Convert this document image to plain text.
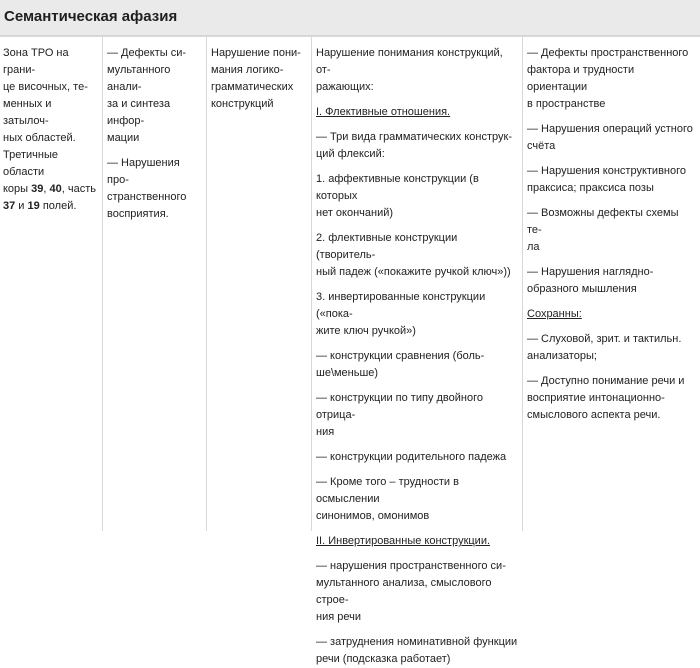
Семантическая афазия
Зона ТРО на грани-
це височных, те-
менных и затылоч-
ных областей.
Третичные области
коры 39, 40, часть
37 и 19 полей.

— Дефекты си-
мультанного анали-
за и синтеза инфор-
мации

— Нарушения про-
странственного
восприятия.

Нарушение пони-
мания логико-
грамматических
конструкций

Нарушение понимания конструкций, от-
ражающих:

I. Флективные отношения.

— Три вида грамматических конструк-
ций флексий:

1. аффективные конструкции (в которых
нет окончаний)

2. флективные конструкции (творитель-
ный падеж («покажите ручкой ключ»))

3. инвертированные конструкции («пока-
жите ключ ручкой»)

— конструкции сравнения (боль-
ше\меньше)

— конструкции по типу двойного отрица-
ния

— конструкции родительного падежа

— Кроме того – трудности в осмыслении
синонимов, омонимов

II. Инвертированные конструкции.

— нарушения пространственного си-
мультанного анализа, смыслового строе-
ния речи

— затруднения номинативной функции
речи (подсказка работает)

— Дефекты пространственного
фактора и трудности ориентации
в пространстве

— Нарушения операций устного
счёта

— Нарушения конструктивного
праксиса; праксиса позы

— Возможны дефекты схемы те-
ла

— Нарушения наглядно-
образного мышления

Сохранны:

— Слуховой, зрит. и тактильн.
анализаторы;

— Доступно понимание речи и
восприятие интонационно-
смыслового аспекта речи.
